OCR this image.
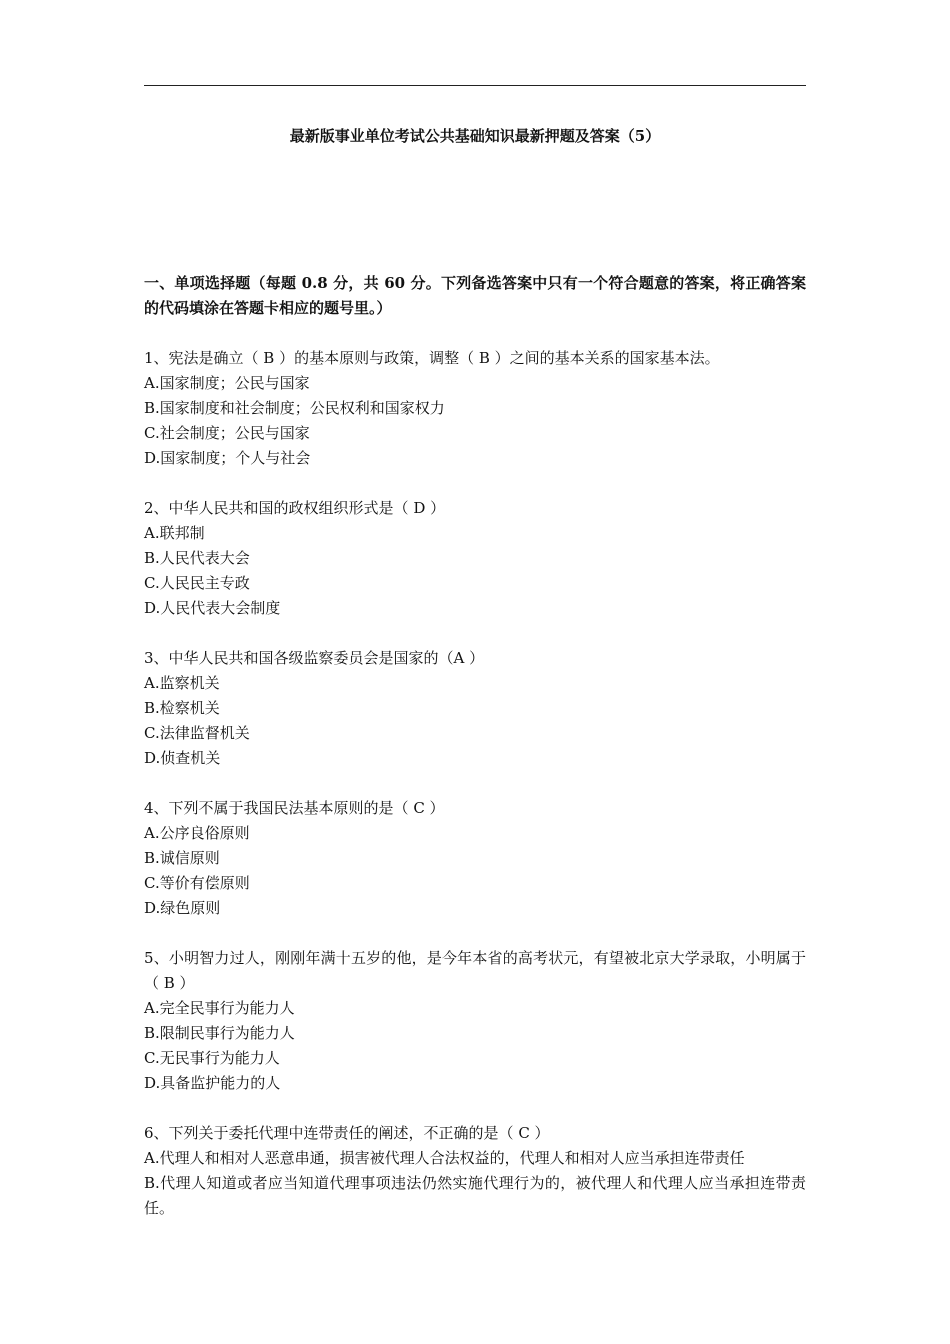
最新版事业单位考试公共基础知识最新押题及答案（5）
一、单项选择题（每题 0.8 分，共 60 分。下列备选答案中只有一个符合题意的答案，将正确答案的代码填涂在答题卡相应的题号里。）
1、宪法是确立（ B ）的基本原则与政策，调整（ B ）之间的基本关系的国家基本法。
A.国家制度；公民与国家
B.国家制度和社会制度；公民权利和国家权力
C.社会制度；公民与国家
D.国家制度；个人与社会
2、中华人民共和国的政权组织形式是（ D ）
A.联邦制
B.人民代表大会
C.人民民主专政
D.人民代表大会制度
3、中华人民共和国各级监察委员会是国家的（A ）
A.监察机关
B.检察机关
C.法律监督机关
D.侦查机关
4、下列不属于我国民法基本原则的是（ C ）
A.公序良俗原则
B.诚信原则
C.等价有偿原则
D.绿色原则
5、小明智力过人，刚刚年满十五岁的他，是今年本省的高考状元，有望被北京大学录取，小明属于（ B ）
A.完全民事行为能力人
B.限制民事行为能力人
C.无民事行为能力人
D.具备监护能力的人
6、下列关于委托代理中连带责任的阐述，不正确的是（ C ）
A.代理人和相对人恶意串通，损害被代理人合法权益的，代理人和相对人应当承担连带责任
B.代理人知道或者应当知道代理事项违法仍然实施代理行为的，被代理人和代理人应当承担连带责任。
